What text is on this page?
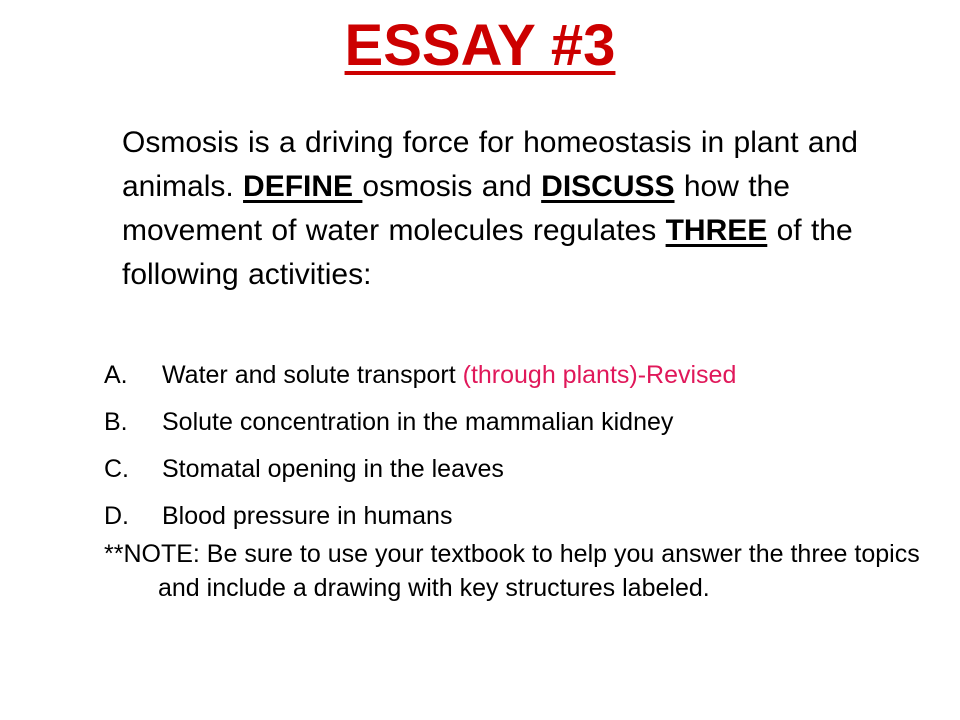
ESSAY #3
Osmosis is a driving force for homeostasis in plant and animals. DEFINE osmosis and DISCUSS how the movement of water molecules regulates THREE of the following activities:
A. Water and solute transport (through plants)-Revised
B. Solute concentration in the mammalian kidney
C. Stomatal opening in the leaves
D. Blood pressure in humans
**NOTE: Be sure to use your textbook to help you answer the three topics and include a drawing with key structures labeled.
